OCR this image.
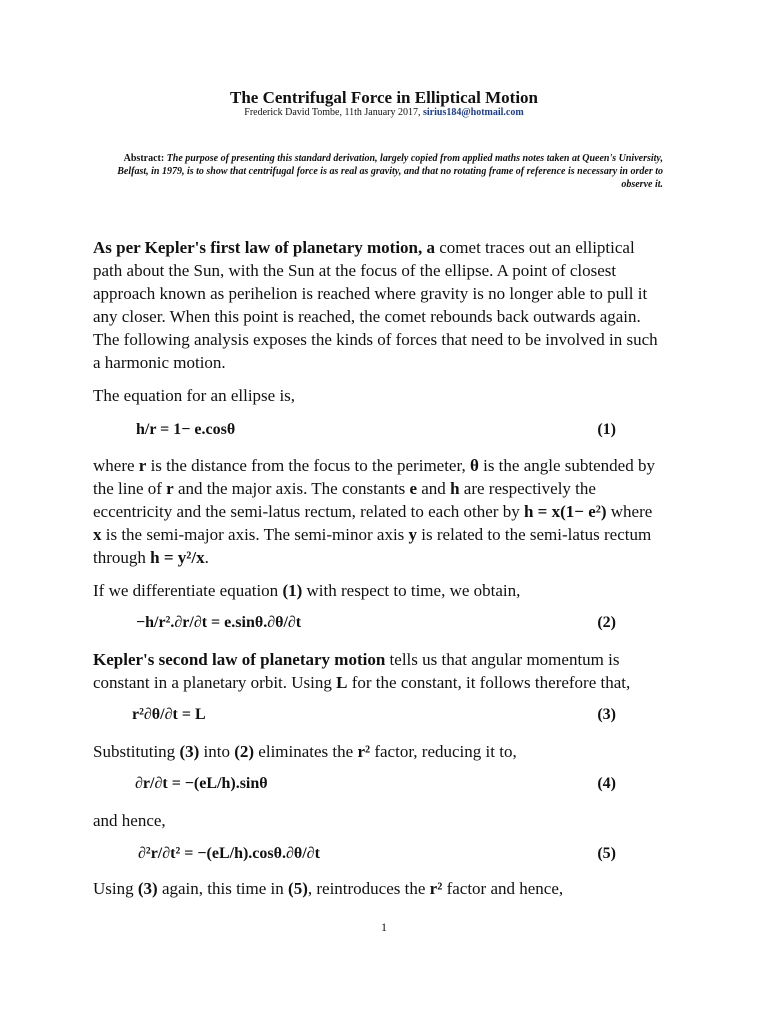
The Centrifugal Force in Elliptical Motion
Frederick David Tombe, 11th January 2017, sirius184@hotmail.com
Abstract: The purpose of presenting this standard derivation, largely copied from applied maths notes taken at Queen's University, Belfast, in 1979, is to show that centrifugal force is as real as gravity, and that no rotating frame of reference is necessary in order to observe it.
As per Kepler's first law of planetary motion, a comet traces out an elliptical path about the Sun, with the Sun at the focus of the ellipse. A point of closest approach known as perihelion is reached where gravity is no longer able to pull it any closer. When this point is reached, the comet rebounds back outwards again. The following analysis exposes the kinds of forces that need to be involved in such a harmonic motion.
The equation for an ellipse is,
h/r = 1− e.cosθ	(1)
where r is the distance from the focus to the perimeter, θ is the angle subtended by the line of r and the major axis. The constants e and h are respectively the eccentricity and the semi-latus rectum, related to each other by h = x(1− e²) where x is the semi-major axis. The semi-minor axis y is related to the semi-latus rectum through h = y²/x.
If we differentiate equation (1) with respect to time, we obtain,
−h/r².∂r/∂t = e.sinθ.∂θ/∂t	(2)
Kepler's second law of planetary motion tells us that angular momentum is constant in a planetary orbit. Using L for the constant, it follows therefore that,
r²∂θ/∂t = L	(3)
Substituting (3) into (2) eliminates the r² factor, reducing it to,
∂r/∂t = −(eL/h).sinθ	(4)
and hence,
∂²r/∂t² = −(eL/h).cosθ.∂θ/∂t	(5)
Using (3) again, this time in (5), reintroduces the r² factor and hence,
1
